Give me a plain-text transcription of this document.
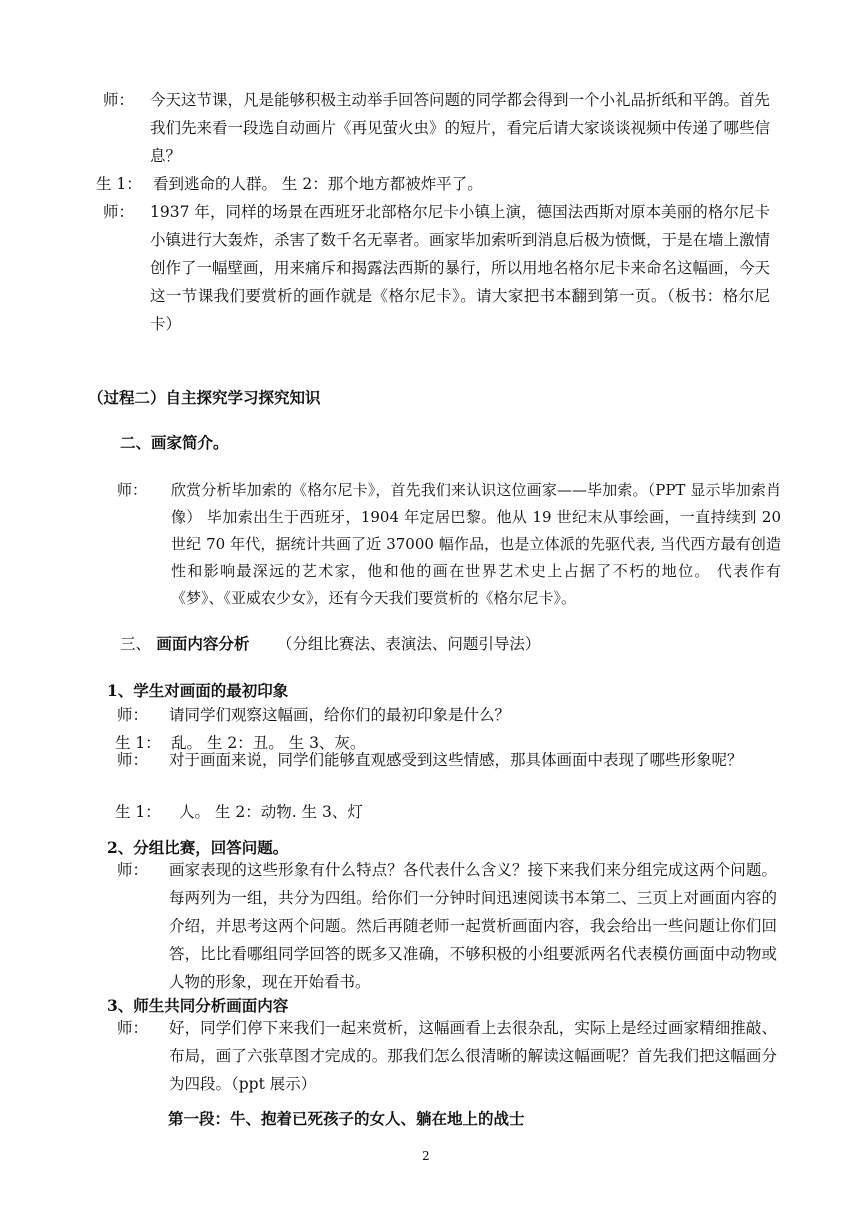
师：	今天这节课，凡是能够积极主动举手回答问题的同学都会得到一个小礼品折纸和平鸽。首先我们先来看一段选自动画片《再见萤火虫》的短片，看完后请大家谈谈视频中传递了哪些信息？
生 1： 看到逃命的人群。 生 2：那个地方都被炸平了。
师：	1937 年，同样的场景在西班牙北部格尔尼卡小镇上演，德国法西斯对原本美丽的格尔尼卡小镇进行大轰炸，杀害了数千名无辜者。画家毕加索听到消息后极为愤慨，于是在墙上激情创作了一幅壁画，用来痛斥和揭露法西斯的暴行，所以用地名格尔尼卡来命名这幅画，今天这一节课我们要赏析的画作就是《格尔尼卡》。请大家把书本翻到第一页。（板书：格尔尼卡）
（过程二）自主探究学习探究知识
二、画家简介。
师：	欣赏分析毕加索的《格尔尼卡》，首先我们来认识这位画家——毕加索。（PPT 显示毕加索肖像） 毕加索出生于西班牙，1904 年定居巴黎。他从 19 世纪末从事绘画，一直持续到 20 世纪 70 年代，据统计共画了近 37000 幅作品，也是立体派的先驱代表, 当代西方最有创造性和影响最深远的艺术家，他和他的画在世界艺术史上占据了不朽的地位。 代表作有《梦》、《亚威农少女》，还有今天我们要赏析的《格尔尼卡》。
三、 画面内容分析 （分组比赛法、表演法、问题引导法）
1、学生对画面的最初印象
师：	请同学们观察这幅画，给你们的最初印象是什么？
生 1： 乱。 生 2：丑。 生 3、灰。
师：	对于画面来说，同学们能够直观感受到这些情感，那具体画面中表现了哪些形象呢？
生 1：	人。 生 2：动物. 生 3、灯
2、分组比赛，回答问题。
师：	画家表现的这些形象有什么特点？各代表什么含义？接下来我们来分组完成这两个问题。每两列为一组，共分为四组。给你们一分钟时间迅速阅读书本第二、三页上对画面内容的介绍，并思考这两个问题。然后再随老师一起赏析画面内容，我会给出一些问题让你们回答，比比看哪组同学回答的既多又准确，不够积极的小组要派两名代表模仿画面中动物或人物的形象，现在开始看书。
3、师生共同分析画面内容
师：	好，同学们停下来我们一起来赏析，这幅画看上去很杂乱，实际上是经过画家精细推敲、布局，画了六张草图才完成的。那我们怎么很清晰的解读这幅画呢？首先我们把这幅画分为四段。（ppt 展示）
第一段：牛、抱着已死孩子的女人、躺在地上的战士
2
